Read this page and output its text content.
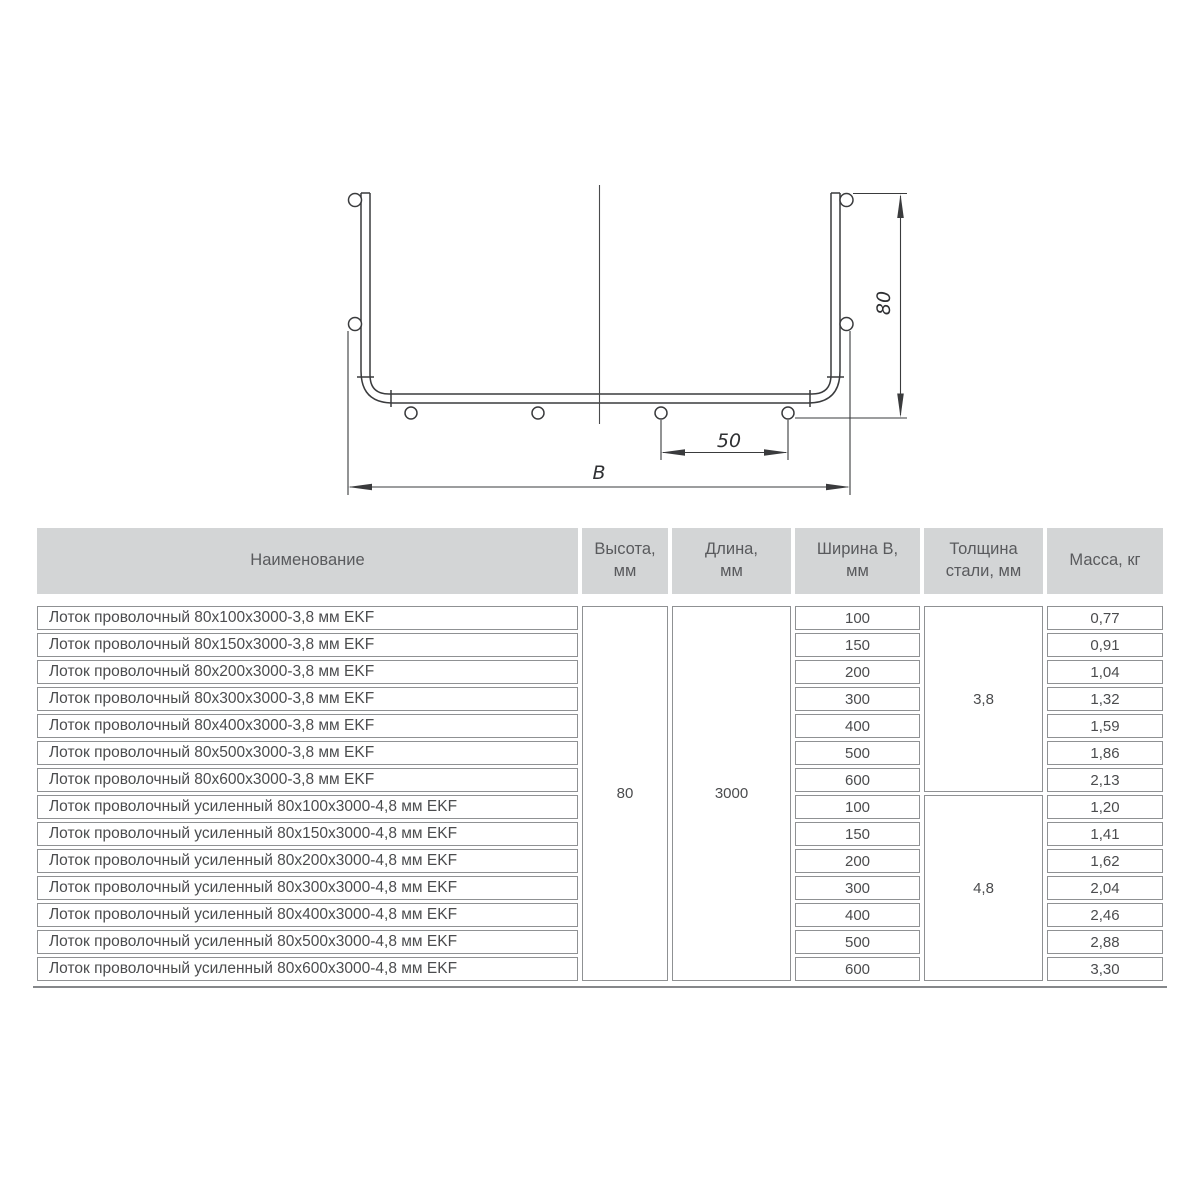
80
50
B
Наименование	Высота, мм	Длина, мм	Ширина В, мм	Толщина стали, мм	Масса, кг

Лоток проволочный 80х100х3000-3,8 мм EKF	80	3000	100	3,8	0,77
Лоток проволочный 80х150х3000-3,8 мм EKF			150		0,91
Лоток проволочный 80х200х3000-3,8 мм EKF			200		1,04
Лоток проволочный 80х300х3000-3,8 мм EKF			300		1,32
Лоток проволочный 80х400х3000-3,8 мм EKF			400		1,59
Лоток проволочный 80х500х3000-3,8 мм EKF			500		1,86
Лоток проволочный 80х600х3000-3,8 мм EKF			600		2,13
Лоток проволочный усиленный 80х100х3000-4,8 мм EKF			100	4,8	1,20
Лоток проволочный усиленный 80х150х3000-4,8 мм EKF			150		1,41
Лоток проволочный усиленный 80х200х3000-4,8 мм EKF			200		1,62
Лоток проволочный усиленный 80х300х3000-4,8 мм EKF			300		2,04
Лоток проволочный усиленный 80х400х3000-4,8 мм EKF			400		2,46
Лоток проволочный усиленный 80х500х3000-4,8 мм EKF			500		2,88
Лоток проволочный усиленный 80х600х3000-4,8 мм EKF			600		3,30
